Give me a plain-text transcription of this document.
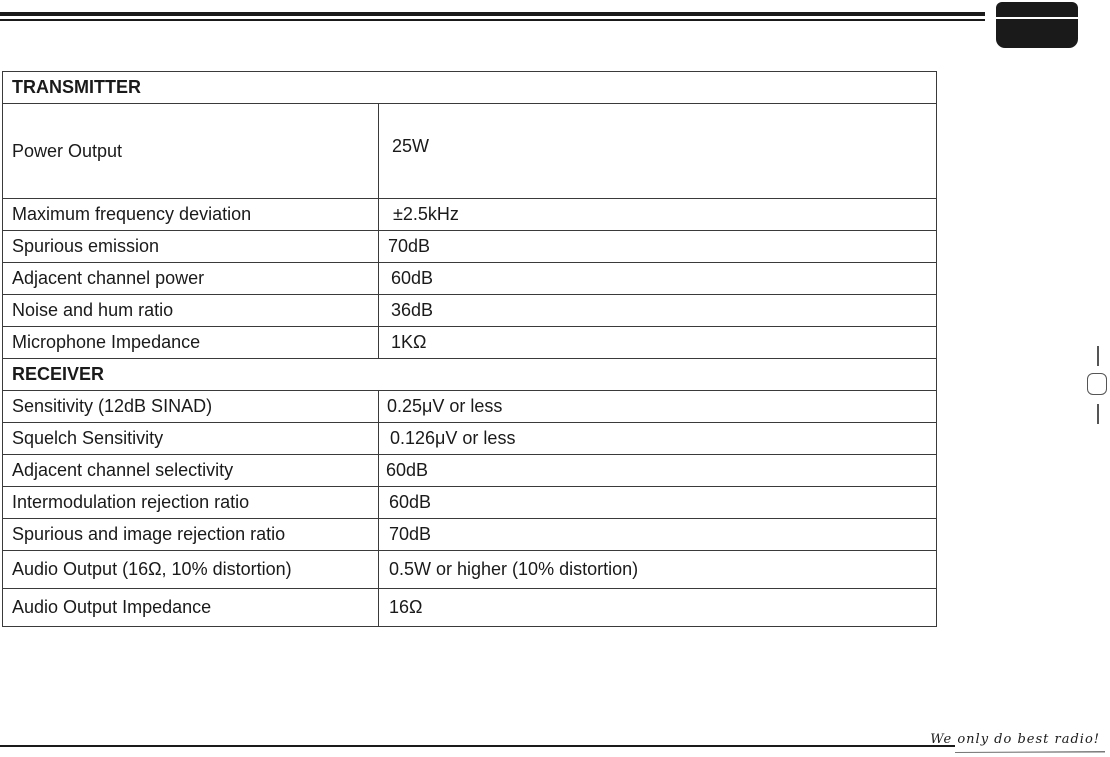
TRANSMITTER	
Power Output	25W
Maximum frequency deviation	±2.5kHz
Spurious emission	70dB
Adjacent channel power	60dB
Noise and hum ratio	36dB
Microphone Impedance	1KΩ
RECEIVER	
Sensitivity (12dB SINAD)	0.25μV or less
Squelch Sensitivity	0.126μV or less
Adjacent channel selectivity	60dB
Intermodulation rejection ratio	60dB
Spurious and image rejection ratio	70dB
Audio Output (16Ω, 10% distortion)	0.5W or higher (10% distortion)
Audio Output Impedance	16Ω
We only do best radio!
